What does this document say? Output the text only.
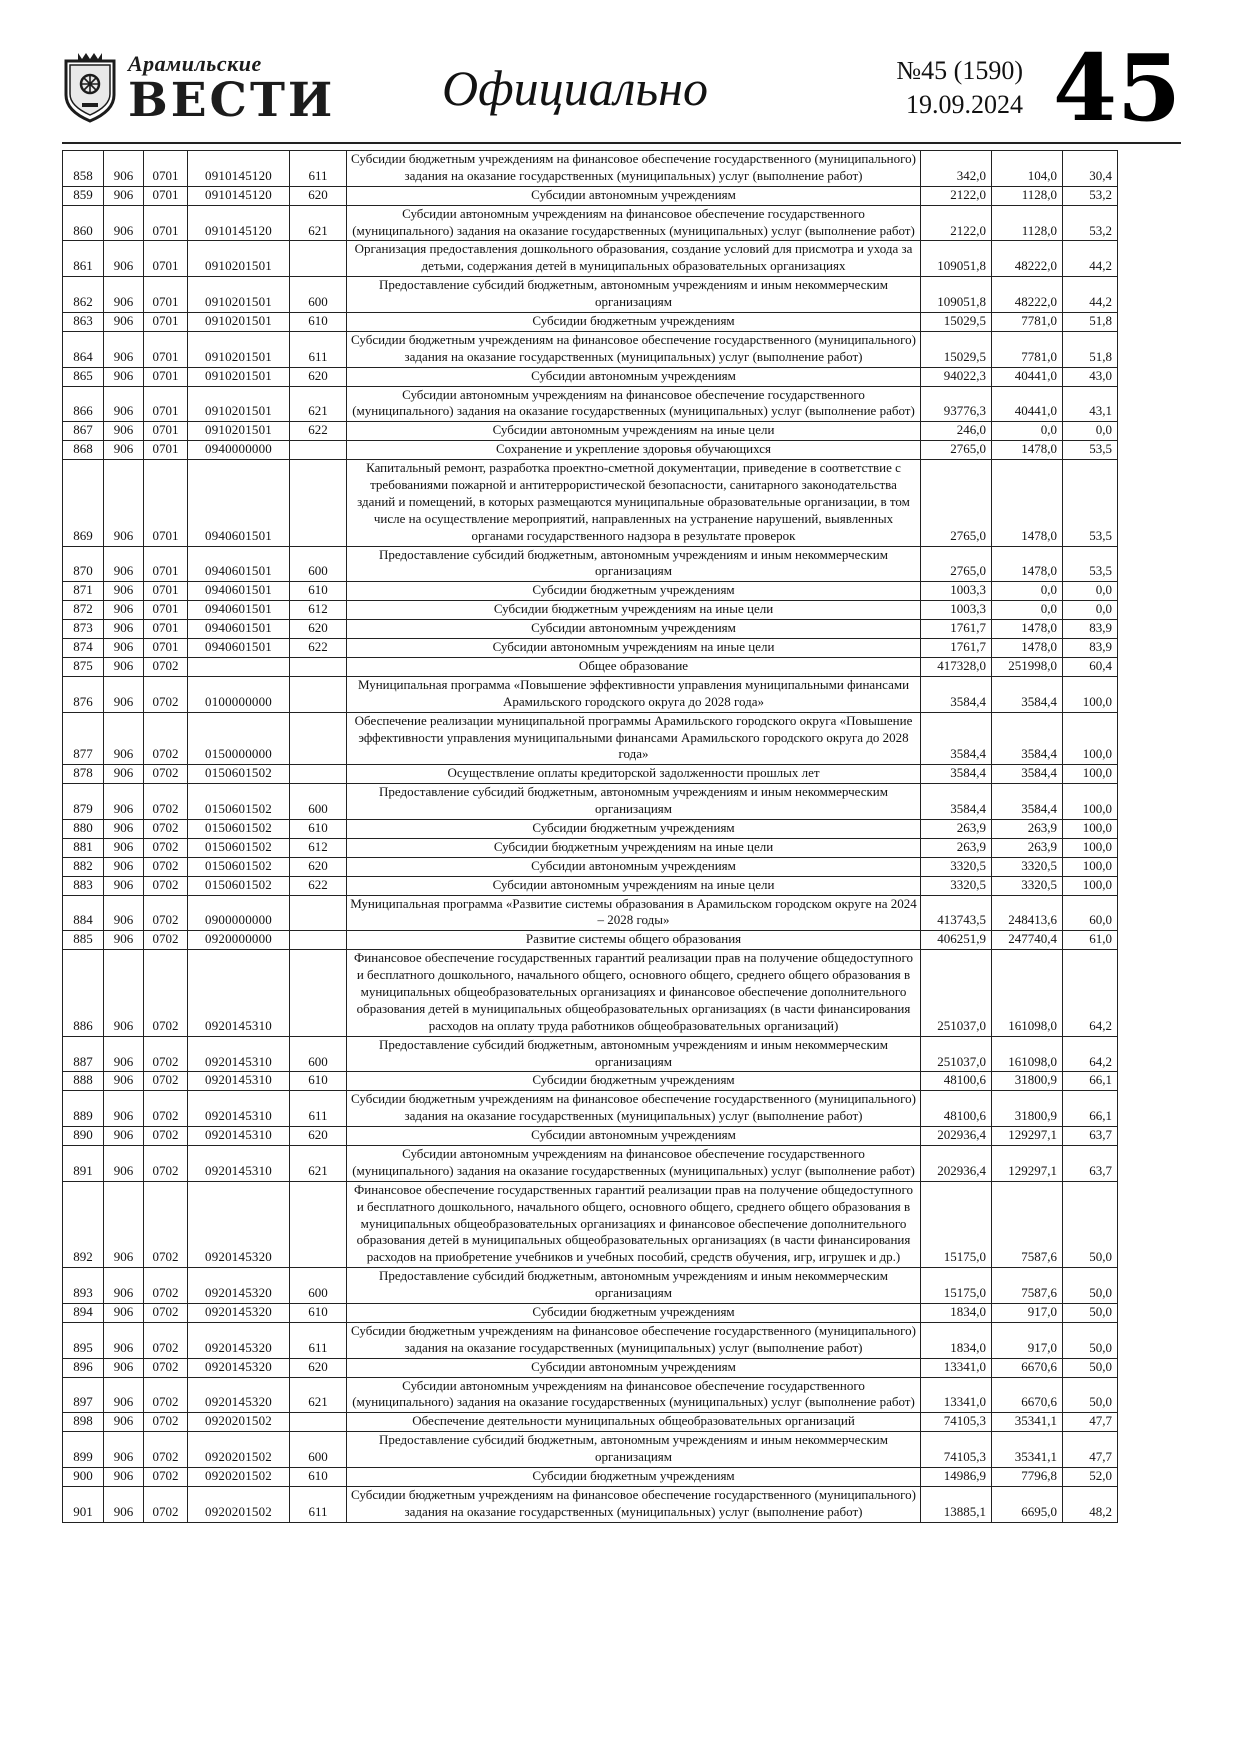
Арамильские
ВЕСТИ	Официально	№45 (1590)
19.09.2024 45
858	906	0701	0910145120	611	Субсидии бюджетным учреждениям на финансовое обеспечение государственного (муниципального) задания на оказание государственных (муниципальных) услуг (выполнение работ)	342,0	104,0	30,4
859	906	0701	0910145120	620	Субсидии автономным учреждениям	2122,0	1128,0	53,2
860	906	0701	0910145120	621	Субсидии автономным учреждениям на финансовое обеспечение государственного (муниципального) задания на оказание государственных (муниципальных) услуг (выполнение работ)	2122,0	1128,0	53,2
861	906	0701	0910201501		Организация предоставления дошкольного образования, создание условий для присмотра и ухода за детьми, содержания детей в муниципальных образовательных организациях	109051,8	48222,0	44,2
862	906	0701	0910201501	600	Предоставление субсидий бюджетным, автономным учреждениям и иным некоммерческим организациям	109051,8	48222,0	44,2
863	906	0701	0910201501	610	Субсидии бюджетным учреждениям	15029,5	7781,0	51,8
864	906	0701	0910201501	611	Субсидии бюджетным учреждениям на финансовое обеспечение государственного (муниципального) задания на оказание государственных (муниципальных) услуг (выполнение работ)	15029,5	7781,0	51,8
865	906	0701	0910201501	620	Субсидии автономным учреждениям	94022,3	40441,0	43,0
866	906	0701	0910201501	621	Субсидии автономным учреждениям на финансовое обеспечение государственного (муниципального) задания на оказание государственных (муниципальных) услуг (выполнение работ)	93776,3	40441,0	43,1
867	906	0701	0910201501	622	Субсидии автономным учреждениям на иные цели	246,0	0,0	0,0
868	906	0701	0940000000		Сохранение и укрепление здоровья обучающихся	2765,0	1478,0	53,5
869	906	0701	0940601501		Капитальный ремонт, разработка проектно-сметной документации, приведение в соответствие с требованиями пожарной и антитеррористической безопасности, санитарного законодательства зданий и помещений, в которых размещаются муниципальные образовательные организации, в том числе на осуществление мероприятий, направленных на устранение нарушений, выявленных органами государственного надзора в результате проверок	2765,0	1478,0	53,5
870	906	0701	0940601501	600	Предоставление субсидий бюджетным, автономным учреждениям и иным некоммерческим организациям	2765,0	1478,0	53,5
871	906	0701	0940601501	610	Субсидии бюджетным учреждениям	1003,3	0,0	0,0
872	906	0701	0940601501	612	Субсидии бюджетным учреждениям на иные цели	1003,3	0,0	0,0
873	906	0701	0940601501	620	Субсидии автономным учреждениям	1761,7	1478,0	83,9
874	906	0701	0940601501	622	Субсидии автономным учреждениям на иные цели	1761,7	1478,0	83,9
875	906	0702			Общее образование	417328,0	251998,0	60,4
876	906	0702	0100000000		Муниципальная программа «Повышение эффективности управления муниципальными финансами Арамильского городского округа до 2028 года»	3584,4	3584,4	100,0
877	906	0702	0150000000		Обеспечение реализации муниципальной программы Арамильского городского округа «Повышение эффективности управления муниципальными финансами Арамильского городского округа до 2028 года»	3584,4	3584,4	100,0
878	906	0702	0150601502		Осуществление оплаты кредиторской задолженности прошлых лет	3584,4	3584,4	100,0
879	906	0702	0150601502	600	Предоставление субсидий бюджетным, автономным учреждениям и иным некоммерческим организациям	3584,4	3584,4	100,0
880	906	0702	0150601502	610	Субсидии бюджетным учреждениям	263,9	263,9	100,0
881	906	0702	0150601502	612	Субсидии бюджетным учреждениям на иные цели	263,9	263,9	100,0
882	906	0702	0150601502	620	Субсидии автономным учреждениям	3320,5	3320,5	100,0
883	906	0702	0150601502	622	Субсидии автономным учреждениям на иные цели	3320,5	3320,5	100,0
884	906	0702	0900000000		Муниципальная программа «Развитие системы образования в Арамильском городском округе на 2024 – 2028 годы»	413743,5	248413,6	60,0
885	906	0702	0920000000		Развитие системы общего образования	406251,9	247740,4	61,0
886	906	0702	0920145310		Финансовое обеспечение государственных гарантий реализации прав на получение общедоступного и бесплатного дошкольного, начального общего, основного общего, среднего общего образования в муниципальных общеобразовательных организациях и финансовое обеспечение дополнительного образования детей в муниципальных общеобразовательных организациях (в части финансирования расходов на оплату труда работников общеобразовательных организаций)	251037,0	161098,0	64,2
887	906	0702	0920145310	600	Предоставление субсидий бюджетным, автономным учреждениям и иным некоммерческим организациям	251037,0	161098,0	64,2
888	906	0702	0920145310	610	Субсидии бюджетным учреждениям	48100,6	31800,9	66,1
889	906	0702	0920145310	611	Субсидии бюджетным учреждениям на финансовое обеспечение государственного (муниципального) задания на оказание государственных (муниципальных) услуг (выполнение работ)	48100,6	31800,9	66,1
890	906	0702	0920145310	620	Субсидии автономным учреждениям	202936,4	129297,1	63,7
891	906	0702	0920145310	621	Субсидии автономным учреждениям на финансовое обеспечение государственного (муниципального) задания на оказание государственных (муниципальных) услуг (выполнение работ)	202936,4	129297,1	63,7
892	906	0702	0920145320		Финансовое обеспечение государственных гарантий реализации прав на получение общедоступного и бесплатного дошкольного, начального общего, основного общего, среднего общего образования в муниципальных общеобразовательных организациях и финансовое обеспечение дополнительного образования детей в муниципальных общеобразовательных организациях (в части финансирования расходов на приобретение учебников и учебных пособий, средств обучения, игр, игрушек и др.)	15175,0	7587,6	50,0
893	906	0702	0920145320	600	Предоставление субсидий бюджетным, автономным учреждениям и иным некоммерческим организациям	15175,0	7587,6	50,0
894	906	0702	0920145320	610	Субсидии бюджетным учреждениям	1834,0	917,0	50,0
895	906	0702	0920145320	611	Субсидии бюджетным учреждениям на финансовое обеспечение государственного (муниципального) задания на оказание государственных (муниципальных) услуг (выполнение работ)	1834,0	917,0	50,0
896	906	0702	0920145320	620	Субсидии автономным учреждениям	13341,0	6670,6	50,0
897	906	0702	0920145320	621	Субсидии автономным учреждениям на финансовое обеспечение государственного (муниципального) задания на оказание государственных (муниципальных) услуг (выполнение работ)	13341,0	6670,6	50,0
898	906	0702	0920201502		Обеспечение деятельности муниципальных общеобразовательных организаций	74105,3	35341,1	47,7
899	906	0702	0920201502	600	Предоставление субсидий бюджетным, автономным учреждениям и иным некоммерческим организациям	74105,3	35341,1	47,7
900	906	0702	0920201502	610	Субсидии бюджетным учреждениям	14986,9	7796,8	52,0
901	906	0702	0920201502	611	Субсидии бюджетным учреждениям на финансовое обеспечение государственного (муниципального) задания на оказание государственных (муниципальных) услуг (выполнение работ)	13885,1	6695,0	48,2
